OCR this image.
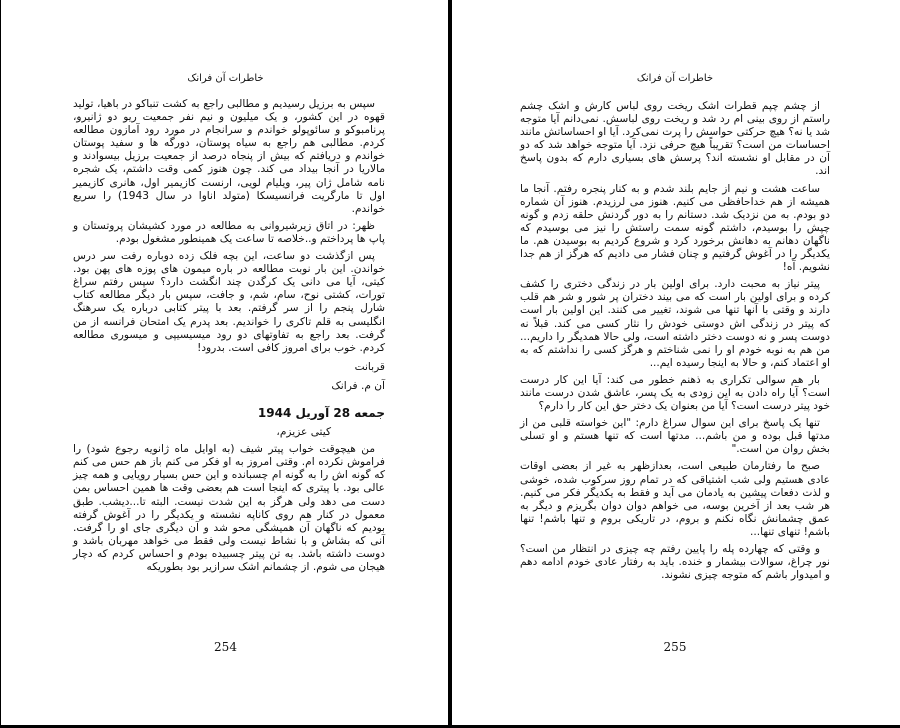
خاطرات آن فرانک

سپس به برزیل رسیدیم و مطالبی راجع به کشت تنباکو در باهیا، تولید قهوه در این کشور، و یک میلیون و نیم نفر جمعیت ریو دو ژانیرو، پرنامبوکو و سائوپولو خواندم و سرانجام در مورد رود آمازون مطالعه کردم. مطالبی هم راجع به سیاه پوستان، دورگه ها و سفید پوستان خواندم و دریافتم که بیش از پنجاه درصد از جمعیت برزیل بیسوادند و مالاریا در آنجا بیداد می کند. چون هنوز کمی وقت داشتم، یک شجره نامه شامل ژان پیر، ویلیام لویی، ارنست کازیمیر اول، هانری کازیمیر اول تا مارگریت فرانسیسکا (متولد اناوا در سال 1943) را سریع خواندم.

ظهر: در اتاق زیرشیروانی به مطالعه در مورد کشیشان پروتستان و پاپ ها پرداختم و..خلاصه تا ساعت یک همینطور مشغول بودم.

پس ازگذشت دو ساعت، این بچه فلک زده دوباره رفت سر درس خواندن. این بار نوبت مطالعه در باره میمون های پوزه های پهن بود. کیتی، آیا می دانی یک کرگدن چند انگشت دارد؟ سپس رفتم سراغ تورات، کشتی نوح، سام، شم، و جافت، سپس بار دیگر مطالعه کتاب شارل پنجم را از سر گرفتم. بعد با پیتر کتابی درباره یک سرهنگ انگلیسی به قلم تاکری را خواندیم. بعد پدرم یک امتحان فرانسه از من گرفت. بعد راجع به تفاوتهای دو رود میسیسیپی و میسوری مطالعه کردم. خوب برای امروز کافی است. بدرود!

قربانت

آن م. فرانک

جمعه 28 آوریل 1944

کیتی عزیزم،

من هیچوقت خواب پیتر شیف (به اوایل ماه ژانویه رجوع شود) را فراموش نکرده ام. وقتی امروز به او فکر می کنم باز هم حس می کنم که گونه اش را به گونه ام چسبانده و این حس بسیار رویایی و همه چیز عالی بود. با پیتری که اینجا است هم بعضی وقت ها همین احساس بمن دست می دهد ولی هرگز به این شدت نیست. البته تا...دیشب. طبق معمول در کنار هم روی کاناپه نشسته و یکدیگر را در آغوش گرفته بودیم که ناگهان آن همیشگی محو شد و آن دیگری جای او را گرفت. آنی که بشاش و با نشاط نیست ولی فقط می خواهد مهربان باشد و دوست داشته باشد. به تن پیتر چسبیده بودم و احساس کردم که دچار هیجان می شوم. از چشمانم اشک سرازیر بود بطوریکه

254
خاطرات آن فرانک

از چشم چپم قطرات اشک ریخت روی لباس کارش و اشک چشم راستم از روی بینی ام رد شد و ریخت روی لباسش. نمی‌دانم آیا متوجه شد یا نه؟ هیچ حرکتی حواسش را پرت نمی‌کرد. آیا او احساساتش مانند احساسات من است؟ تقریباً هیچ حرفی نزد. آیا متوجه خواهد شد که دو آن در مقابل او نشسته اند؟ پرسش های بسیاری دارم که بدون پاسخ اند.

ساعت هشت و نیم از جایم بلند شدم و به کنار پنجره رفتم. آنجا ما همیشه از هم خداحافظی می کنیم. هنوز می لرزیدم. هنوز آن شماره دو بودم. به من نزدیک شد. دستانم را به دور گردنش حلقه زدم و گونه چپش را بوسیدم، داشتم گونه سمت راستش را نیز می بوسیدم که ناگهان دهانم به دهانش برخورد کرد و شروع کردیم به بوسیدن هم. ما یکدیگر را در آغوش گرفتیم و چنان فشار می دادیم که هرگز از هم جدا نشویم. آه!

پیتر نیاز به محبت دارد. برای اولین بار در زندگی دختری را کشف کرده و برای اولین بار است که می بیند دختران پر شور و شر هم قلب دارند و وقتی با آنها تنها می شوند، تغییر می کنند. این اولین بار است که پیتر در زندگی اش دوستی خودش را نثار کسی می کند. قبلاً نه دوست پسر و نه دوست دختر داشته است، ولی حالا همدیگر را داریم... من هم به نوبه خودم او را نمی شناختم و هرگز کسی را نداشتم که به او اعتماد کنم، و حالا به اینجا رسیده ایم...

بار هم سوالی تکراری به ذهنم خطور می کند: آیا این کار درست است؟ آیا راه دادن به این زودی به یک پسر، عاشق شدن درست مانند خود پیتر درست است؟ آیا من بعنوان یک دختر حق این کار را دارم؟

تنها یک پاسخ برای این سوال سراغ دارم: "این خواسته قلبی من از مدتها قبل بوده و من باشم... مدتها است که تنها هستم و او تسلی بخش روان من است."

صبح ما رفتارمان طبیعی است، بعدازظهر به غیر از بعضی اوقات عادی هستیم ولی شب اشتیاقی که در تمام روز سرکوب شده، خوشی و لذت دفعات پیشین به یادمان می آید و فقط به یکدیگر فکر می کنیم. هر شب بعد از آخرین بوسه، می خواهم دوان دوان بگریزم و دیگر به عمق چشمانش نگاه نکنم و بروم، در تاریکی بروم و تنها باشم! تنها باشم! تنهای تنها...

و وقتی که چهارده پله را پایین رفتم چه چیزی در انتظار من است؟ نور چراغ، سوالات بیشمار و خنده. باید به رفتار عادی خودم ادامه دهم و امیدوار باشم که متوجه چیزی نشوند.

255
